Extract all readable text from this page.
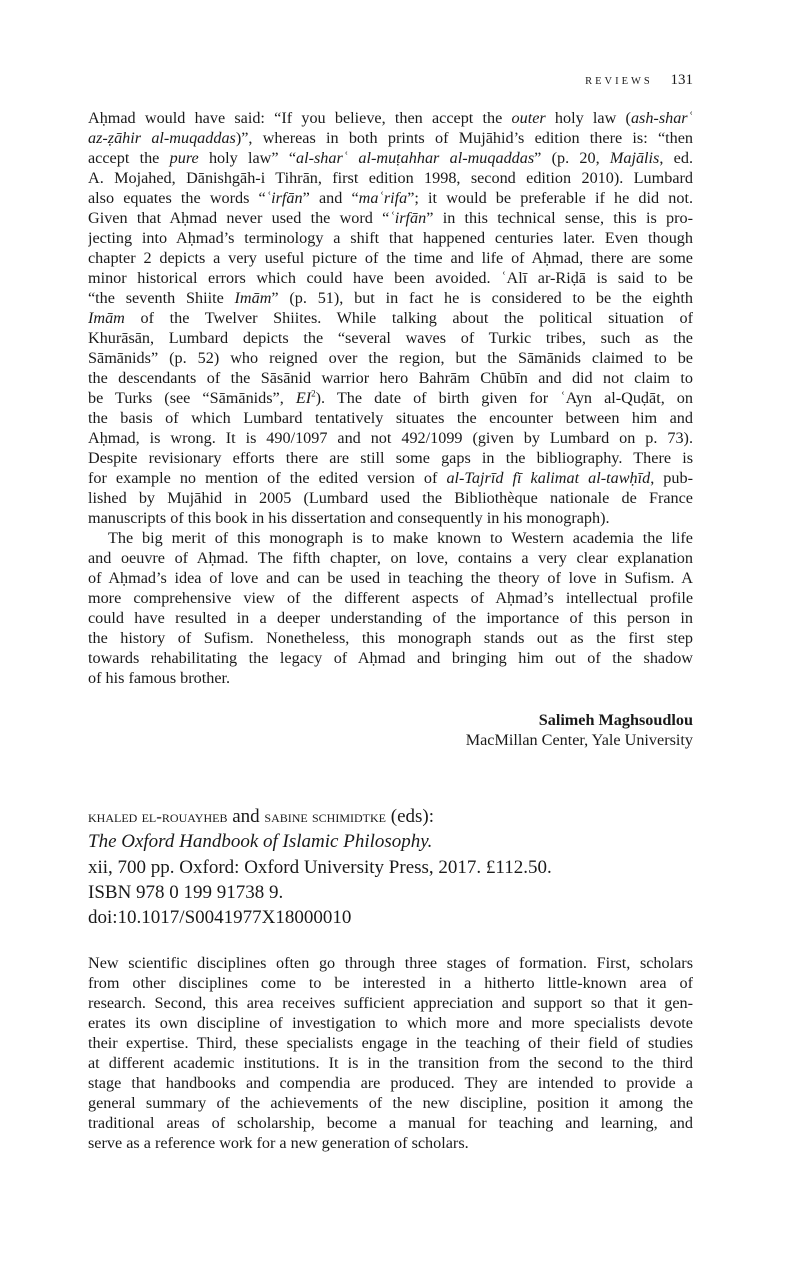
REVIEWS 131
Aḥmad would have said: “If you believe, then accept the outer holy law (ash-sharʿ
az-ẓāhir al-muqaddas)”, whereas in both prints of Mujāhid’s edition there is: “then
accept the pure holy law” “al-sharʿ al-muṭahhar al-muqaddas” (p. 20, Majālis, ed.
A. Mojahed, Dānishgāh-i Tihrān, first edition 1998, second edition 2010). Lumbard
also equates the words “ʿirfān” and “maʿrifa”; it would be preferable if he did not.
Given that Aḥmad never used the word “ʿirfān” in this technical sense, this is pro-
jecting into Aḥmad’s terminology a shift that happened centuries later. Even though
chapter 2 depicts a very useful picture of the time and life of Aḥmad, there are some
minor historical errors which could have been avoided. ʿAlī ar-Riḍā is said to be
“the seventh Shiite Imām” (p. 51), but in fact he is considered to be the eighth
Imām of the Twelver Shiites. While talking about the political situation of
Khurāsān, Lumbard depicts the “several waves of Turkic tribes, such as the
Sāmānids” (p. 52) who reigned over the region, but the Sāmānids claimed to be
the descendants of the Sāsānid warrior hero Bahrām Chūbīn and did not claim to
be Turks (see “Sāmānids”, $EI^2$). The date of birth given for ʿAyn al-Quḍāt, on
the basis of which Lumbard tentatively situates the encounter between him and
Aḥmad, is wrong. It is 490/1097 and not 492/1099 (given by Lumbard on p. 73).
Despite revisionary efforts there are still some gaps in the bibliography. There is
for example no mention of the edited version of al-Tajrīd fī kalimat al-tawḥīd, pub-
lished by Mujāhid in 2005 (Lumbard used the Bibliothèque nationale de France
manuscripts of this book in his dissertation and consequently in his monograph).
The big merit of this monograph is to make known to Western academia the life
and oeuvre of Aḥmad. The fifth chapter, on love, contains a very clear explanation
of Aḥmad’s idea of love and can be used in teaching the theory of love in Sufism. A
more comprehensive view of the different aspects of Aḥmad’s intellectual profile
could have resulted in a deeper understanding of the importance of this person in
the history of Sufism. Nonetheless, this monograph stands out as the first step
towards rehabilitating the legacy of Aḥmad and bringing him out of the shadow
of his famous brother.
Salimeh Maghsoudlou
MacMillan Center, Yale University
khaled el-rouayheb and sabine schimidtke (eds):
The Oxford Handbook of Islamic Philosophy.
xii, 700 pp. Oxford: Oxford University Press, 2017. £112.50.
ISBN 978 0 199 91738 9.
doi:10.1017/S0041977X18000010
New scientific disciplines often go through three stages of formation. First, scholars
from other disciplines come to be interested in a hitherto little-known area of
research. Second, this area receives sufficient appreciation and support so that it gen-
erates its own discipline of investigation to which more and more specialists devote
their expertise. Third, these specialists engage in the teaching of their field of studies
at different academic institutions. It is in the transition from the second to the third
stage that handbooks and compendia are produced. They are intended to provide a
general summary of the achievements of the new discipline, position it among the
traditional areas of scholarship, become a manual for teaching and learning, and
serve as a reference work for a new generation of scholars.
